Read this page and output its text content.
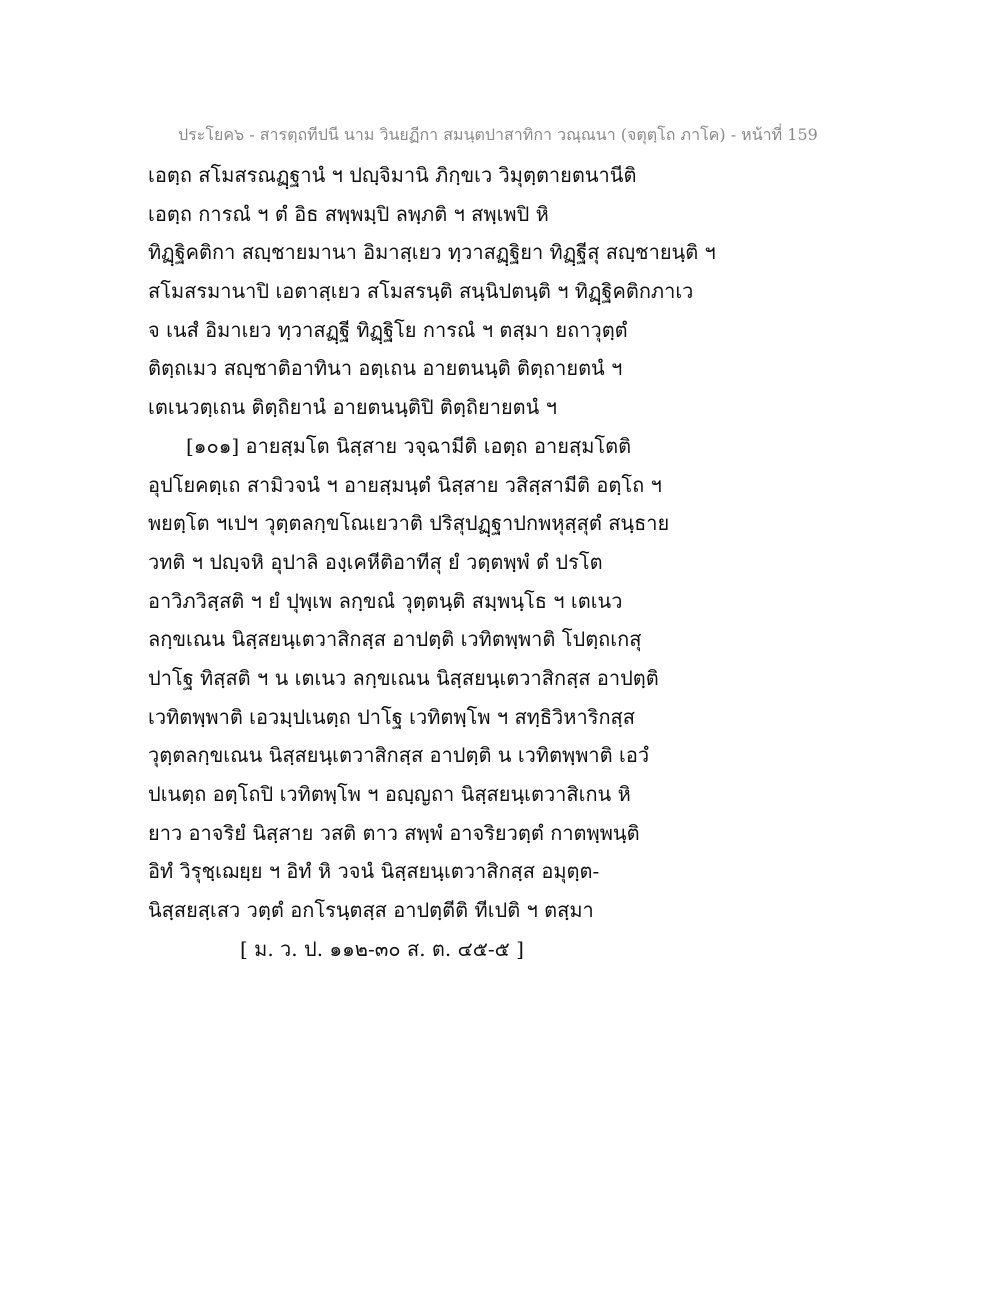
ประโยค๖ - สารตฺถทีปนี นาม วินยฏีกา สมนฺตปาสาทิกา วณฺณนา (จตุตฺโถ ภาโค) - หน้าที่ 159
เอตฺถ สโมสรณฏฺฐานํ ฯ ปญฺจิมานิ ภิกฺขเว วิมุตฺตายตนานีติ
เอตฺถ การณํ ฯ ตํ อิธ สพฺพมฺปิ ลพฺภติ ฯ สพฺเพปิ หิ
ทิฏฺฐิคติกา สญฺชายมานา อิมาสฺเยว ทฺวาสฏฺฐิยา ทิฏฺฐีสุ สญฺชายนฺติ ฯ
สโมสรมานาปิ เอตาสฺเยว สโมสรนฺติ สนฺนิปตนฺติ ฯ ทิฏฺฐิคติกภาเว
จ เนสํ อิมาเยว ทฺวาสฏฺฐี ทิฏฺฐิโย การณํ ฯ ตสฺมา ยถาวุตฺตํ
ติตฺถเมว สญฺชาติอาทินา อตฺเถน อายตนนฺติ ติตฺถายตนํ ฯ
เตเนวตฺเถน ติตฺถิยานํ อายตนนฺติปิ ติตฺถิยายตนํ ฯ
[๑๐๑] อายสฺมโต นิสฺสาย วจฺฉามีติ เอตฺถ อายสฺมโตติ
อุปโยคตฺเถ สามิวจนํ ฯ อายสฺมนฺตํ นิสฺสาย วสิสฺสามีติ อตฺโถ ฯ
พยตฺโต ฯเปฯ วุตฺตลกฺขโณเยวาติ ปริสุปฏฺฐาปกพหุสฺสุตํ สนฺธาย
วทติ ฯ ปญฺจหิ อุปาลิ องฺเคหีติอาทีสุ ยํ วตฺตพฺพํ ตํ ปรโต
อาวิภวิสฺสติ ฯ ยํ ปุพฺเพ ลกฺขณํ วุตฺตนฺติ สมฺพนฺโธ ฯ เตเนว
ลกฺขเณน นิสฺสยนฺเตวาสิกสฺส อาปตฺติ เวทิตพฺพาติ โปตฺถเกสุ
ปาโฐ ทิสฺสติ ฯ น เตเนว ลกฺขเณน นิสฺสยนฺเตวาสิกสฺส อาปตฺติ
เวทิตพฺพาติ เอวมฺปเนตฺถ ปาโฐ เวทิตพฺโพ ฯ สทฺธิวิหาริกสฺส
วุตฺตลกฺขเณน นิสฺสยนฺเตวาสิกสฺส อาปตฺติ น เวทิตพฺพาติ เอวํ
ปเนตฺถ อตฺโถปิ เวทิตพฺโพ ฯ อญฺญถา นิสฺสยนฺเตวาสิเกน หิ
ยาว อาจริยํ นิสฺสาย วสติ ตาว สพฺพํ อาจริยวตฺตํ กาตพฺพนฺติ
อิทํ วิรุชฺเฌยฺย ฯ อิทํ หิ วจนํ นิสฺสยนฺเตวาสิกสฺส อมุตฺต-
นิสฺสยสฺเสว วตฺตํ อกโรนฺตสฺส อาปตฺตีติ ทีเปติ ฯ ตสฺมา
[ ม. ว. ป. ๑๑๒-๓๐ ส. ต. ๔๕-๕ ]
